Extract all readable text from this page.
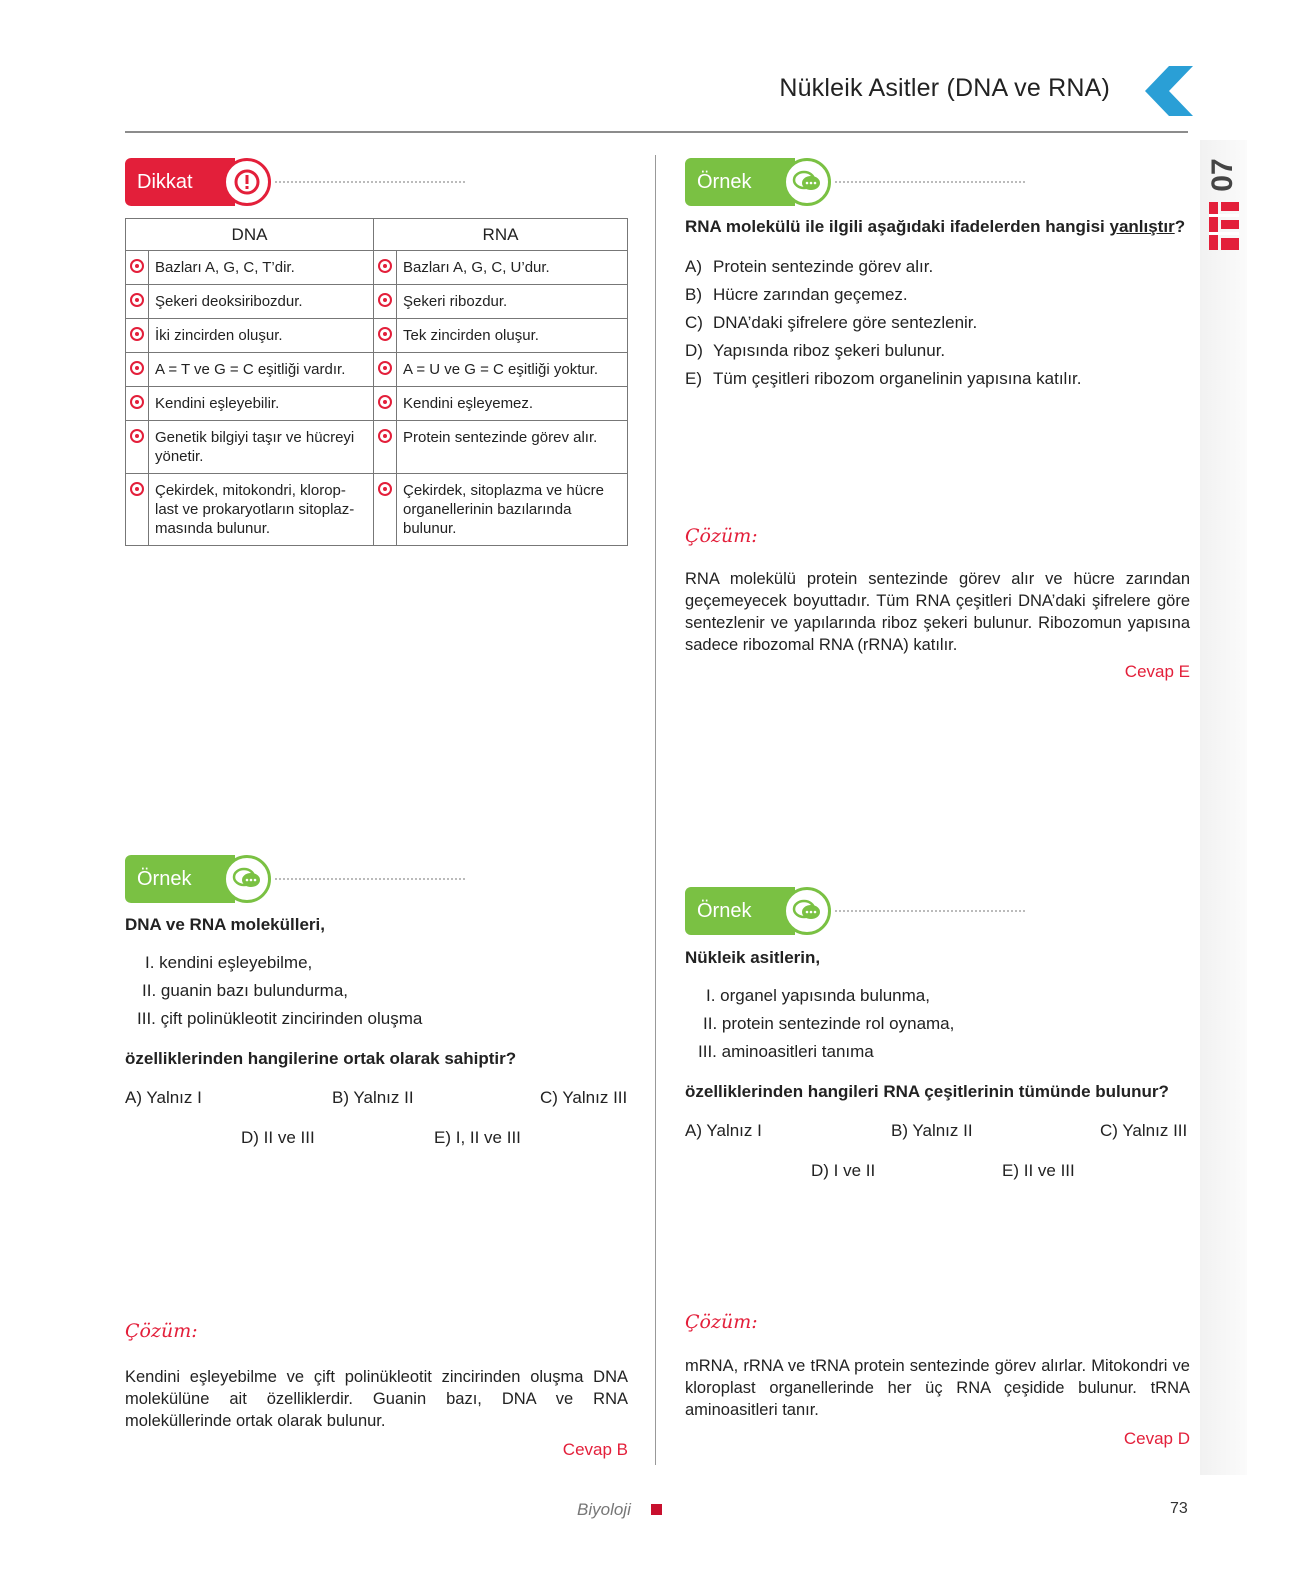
Nükleik Asitler (DNA ve RNA)
07
Dikkat
DNA		RNA	
	Bazları A, G, C, T’dir.		Bazları A, G, C, U’dur.
	Şekeri deoksiribozdur.		Şekeri ribozdur.
	İki zincirden oluşur.		Tek zincirden oluşur.
	A = T ve G = C eşitliği vardır.		A = U ve G = C eşitliği yoktur.
	Kendini eşleyebilir.		Kendini eşleyemez.
	Genetik bilgiyi taşır ve hücreyi yönetir.		Protein sentezinde görev alır.
	Çekirdek, mitokondri, klorop-last ve prokaryotların sitoplaz-masında bulunur.		Çekirdek, sitoplazma ve hücre organellerinin bazılarında bulunur.
Örnek
RNA molekülü ile ilgili aşağıdaki ifadelerden hangisi yanlıştır?
A) Protein sentezinde görev alır.
B) Hücre zarından geçemez.
C) DNA’daki şifrelere göre sentezlenir.
D) Yapısında riboz şekeri bulunur.
E) Tüm çeşitleri ribozom organelinin yapısına katılır.
Çözüm:
RNA molekülü protein sentezinde görev alır ve hücre zarından geçemeyecek boyuttadır. Tüm RNA çeşitleri DNA’daki şifrelere göre sentezlenir ve yapılarında riboz şekeri bulunur. Ribozomun yapısına sadece ribozomal RNA (rRNA) katılır.
Cevap E
Örnek
DNA ve RNA molekülleri,
I. kendini eşleyebilme,
II. guanin bazı bulundurma,
III. çift polinükleotit zincirinden oluşma
özelliklerinden hangilerine ortak olarak sahiptir?
A) Yalnız I	B) Yalnız II	C) Yalnız III
D) II ve III	E) I, II ve III
Çözüm:
Kendini eşleyebilme ve çift polinükleotit zincirinden oluşma DNA molekülüne ait özelliklerdir. Guanin bazı, DNA ve RNA moleküllerinde ortak olarak bulunur.
Cevap B
Örnek
Nükleik asitlerin,
I. organel yapısında bulunma,
II. protein sentezinde rol oynama,
III. aminoasitleri tanıma
özelliklerinden hangileri RNA çeşitlerinin tümünde bulunur?
A) Yalnız I	B) Yalnız II	C) Yalnız III
D) I ve II	E) II ve III
Çözüm:
mRNA, rRNA ve tRNA protein sentezinde görev alırlar. Mitokondri ve kloroplast organellerinde her üç RNA çeşidide bulunur. tRNA aminoasitleri tanır.
Cevap D
Biyoloji	73
